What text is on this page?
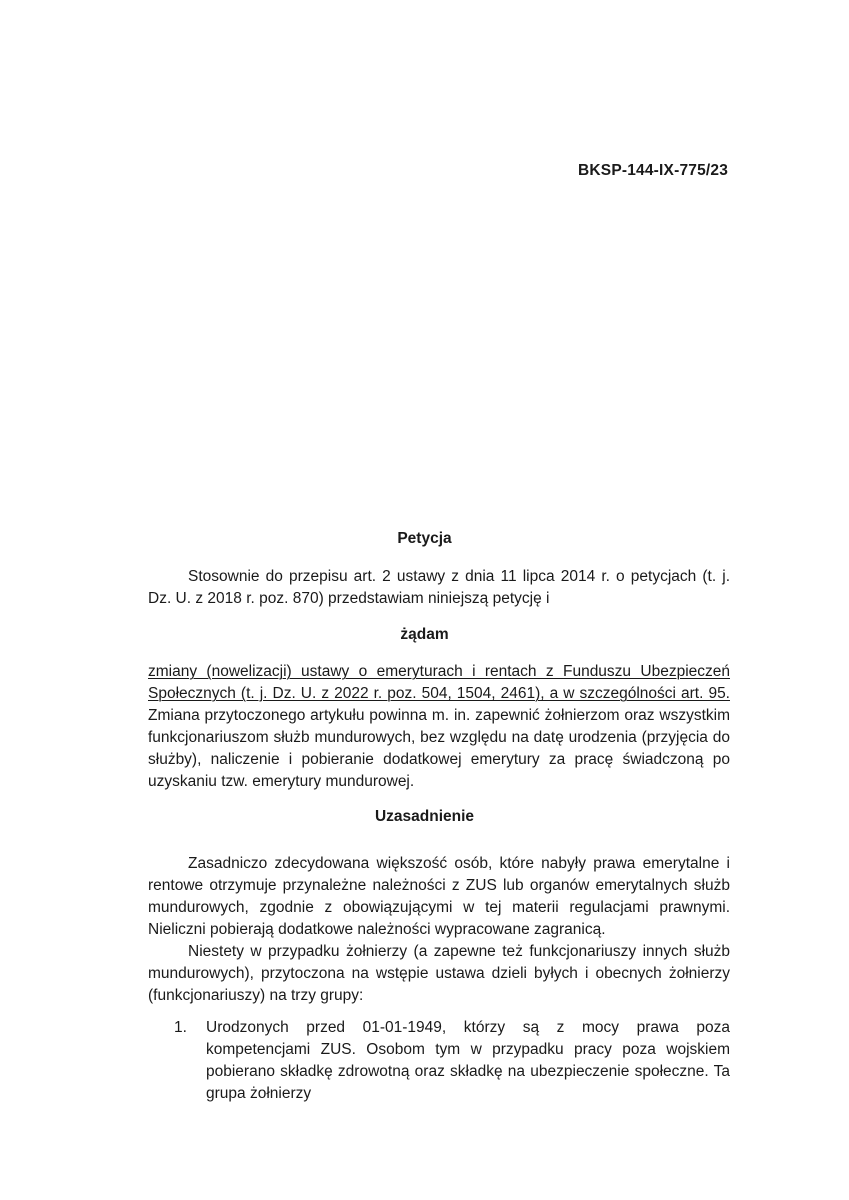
BKSP-144-IX-775/23
Petycja

Stosownie do przepisu art. 2 ustawy z dnia 11 lipca 2014 r. o petycjach (t. j. Dz. U. z 2018 r. poz. 870) przedstawiam niniejszą petycję i

żądam

zmiany (nowelizacji) ustawy o emeryturach i rentach z Funduszu Ubezpieczeń Społecznych (t. j. Dz. U. z 2022 r. poz. 504, 1504, 2461), a w szczególności art. 95. Zmiana przytoczonego artykułu powinna m. in. zapewnić żołnierzom oraz wszystkim funkcjonariuszom służb mundurowych, bez względu na datę urodzenia (przyjęcia do służby), naliczenie i pobieranie dodatkowej emerytury za pracę świadczoną po uzyskaniu tzw. emerytury mundurowej.

Uzasadnienie

Zasadniczo zdecydowana większość osób, które nabyły prawa emerytalne i rentowe otrzymuje przynależne należności z ZUS lub organów emerytalnych służb mundurowych, zgodnie z obowiązującymi w tej materii regulacjami prawnymi. Nieliczni pobierają dodatkowe należności wypracowane zagranicą.

Niestety w przypadku żołnierzy (a zapewne też funkcjonariuszy innych służb mundurowych), przytoczona na wstępie ustawa dzieli byłych i obecnych żołnierzy (funkcjonariuszy) na trzy grupy:

1. Urodzonych przed 01-01-1949, którzy są z mocy prawa poza kompetencjami ZUS. Osobom tym w przypadku pracy poza wojskiem pobierano składkę zdrowotną oraz składkę na ubezpieczenie społeczne. Ta grupa żołnierzy
